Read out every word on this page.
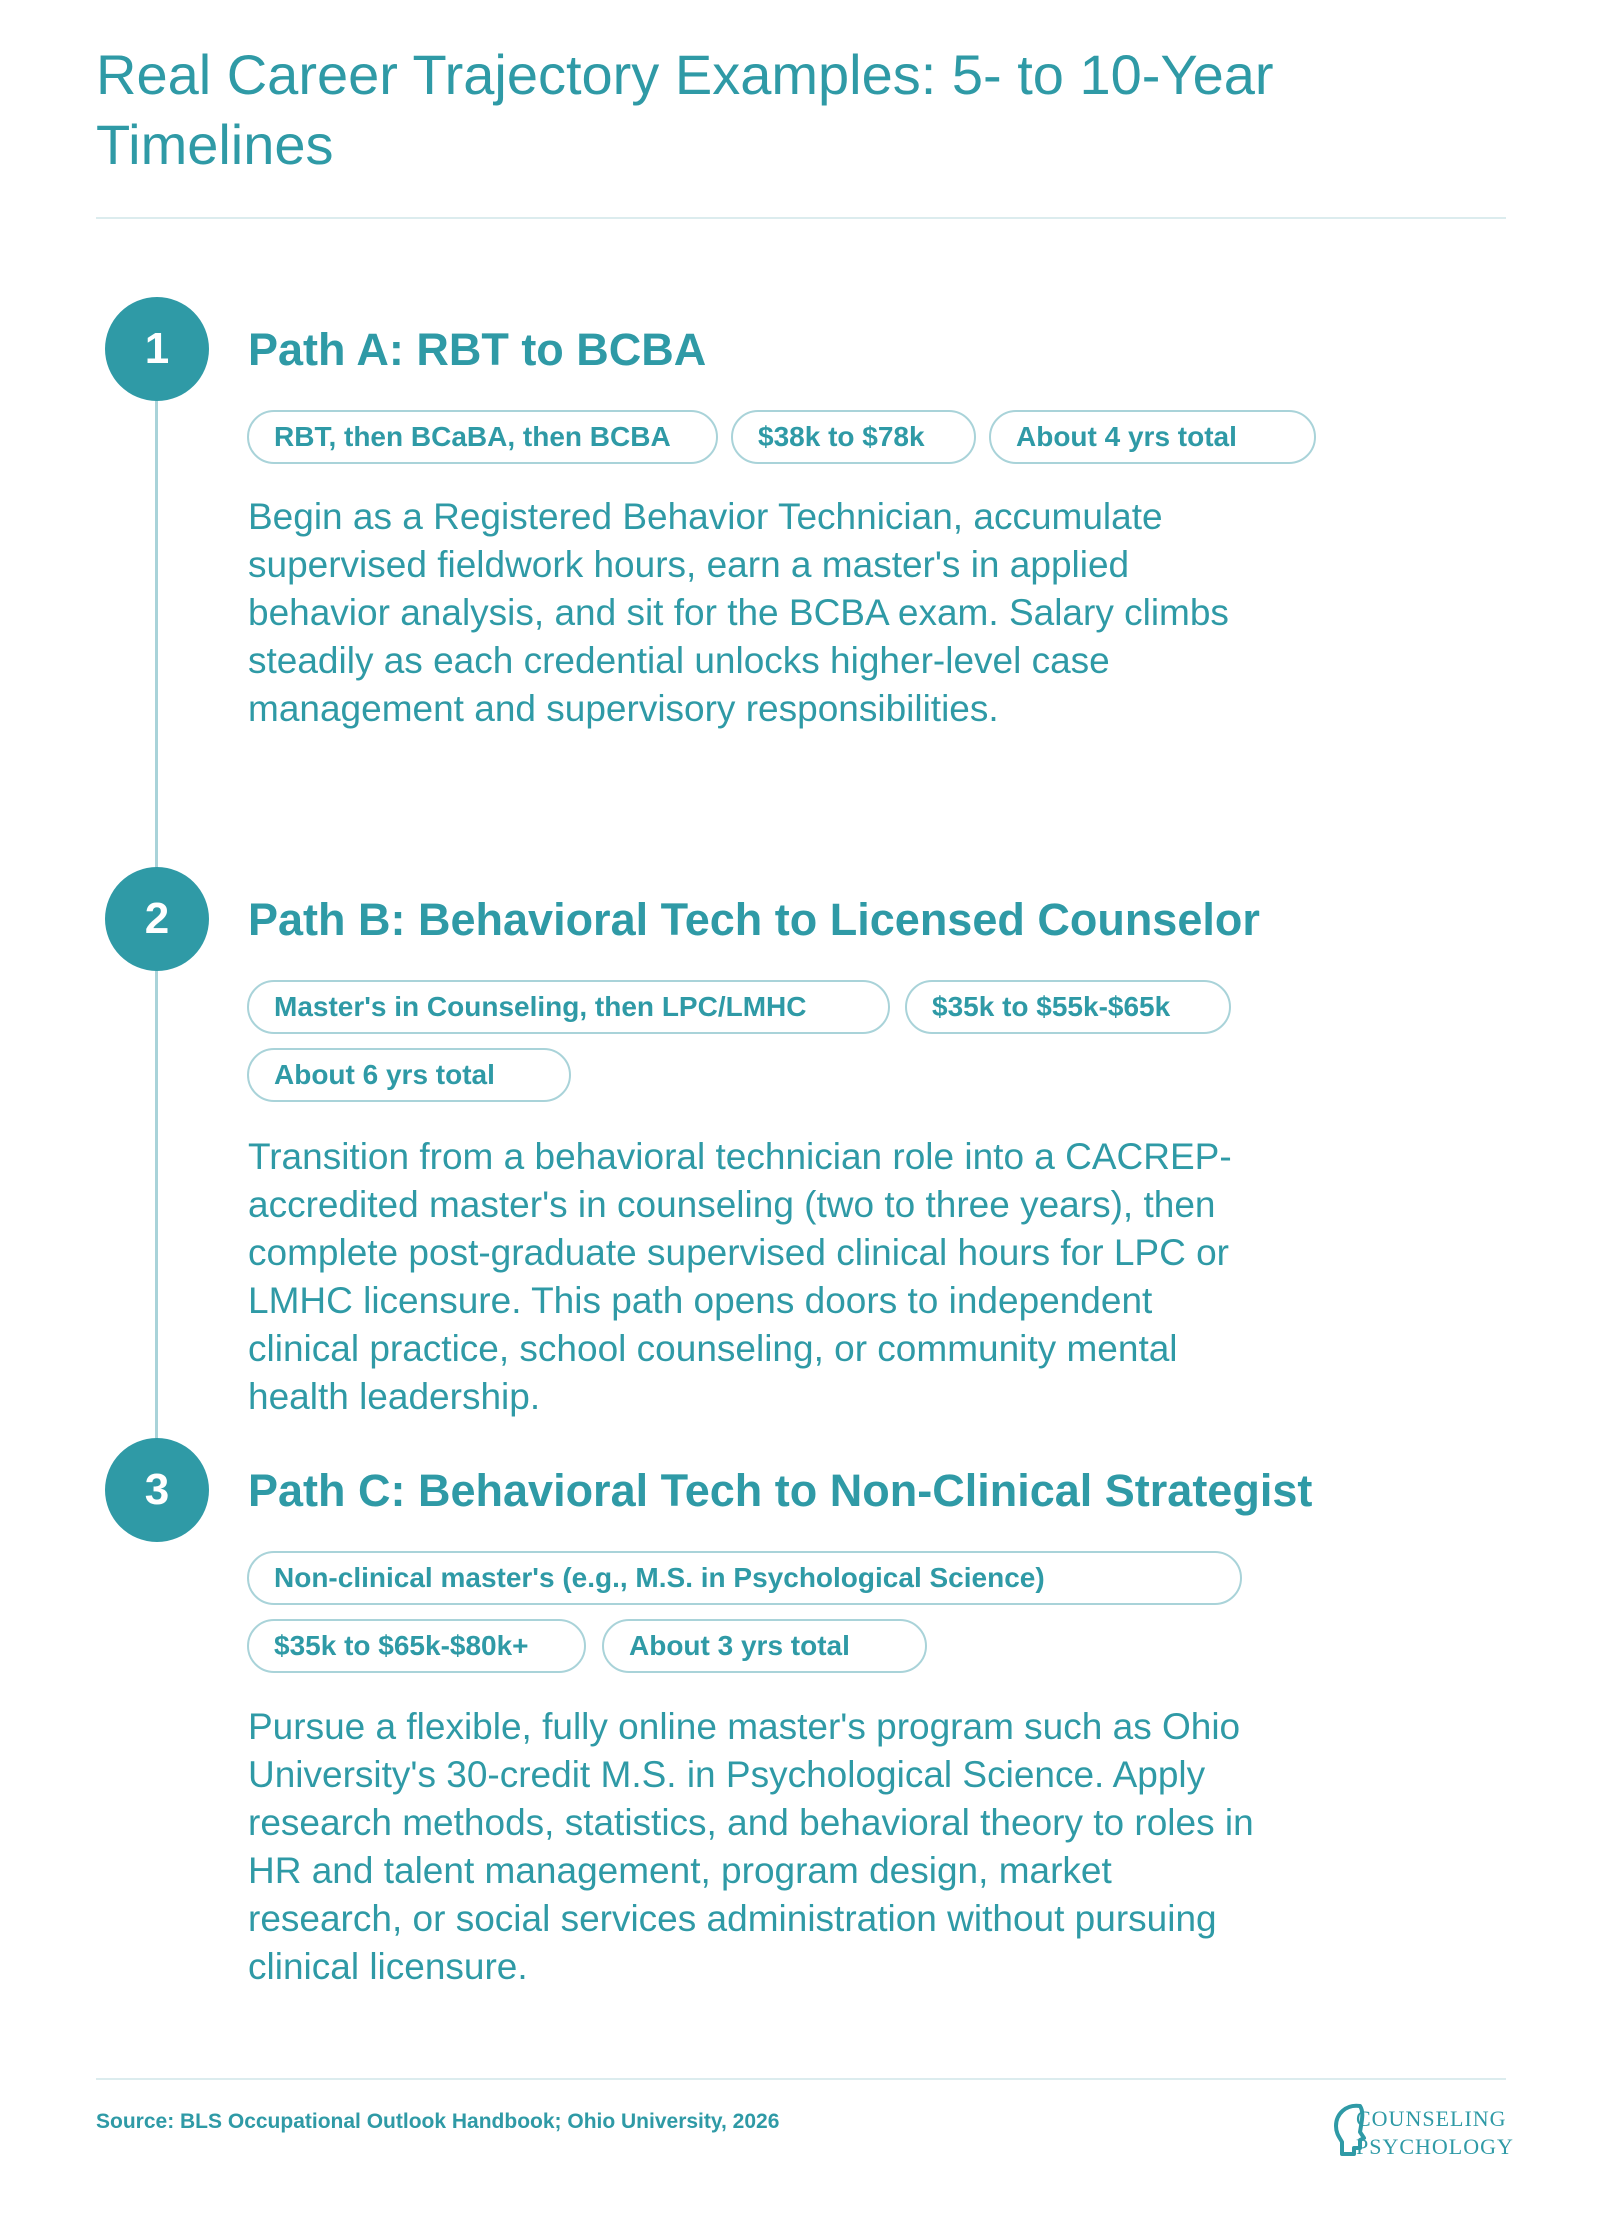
Real Career Trajectory Examples: 5- to 10-Year Timelines
1	Path A: RBT to BCBA
RBT, then BCaBA, then BCBA	$38k to $78k	About 4 yrs total

Begin as a Registered Behavior Technician, accumulate supervised fieldwork hours, earn a master's in applied behavior analysis, and sit for the BCBA exam. Salary climbs steadily as each credential unlocks higher-level case management and supervisory responsibilities.

2	Path B: Behavioral Tech to Licensed Counselor
Master's in Counseling, then LPC/LMHC	$35k to $55k-$65k
About 6 yrs total

Transition from a behavioral technician role into a CACREP-accredited master's in counseling (two to three years), then complete post-graduate supervised clinical hours for LPC or LMHC licensure. This path opens doors to independent clinical practice, school counseling, or community mental health leadership.

3	Path C: Behavioral Tech to Non-Clinical Strategist
Non-clinical master's (e.g., M.S. in Psychological Science)
$35k to $65k-$80k+	About 3 yrs total

Pursue a flexible, fully online master's program such as Ohio University's 30-credit M.S. in Psychological Science. Apply research methods, statistics, and behavioral theory to roles in HR and talent management, program design, market research, or social services administration without pursuing clinical licensure.

Source: BLS Occupational Outlook Handbook; Ohio University, 2026	COUNSELING
PSYCHOLOGY
